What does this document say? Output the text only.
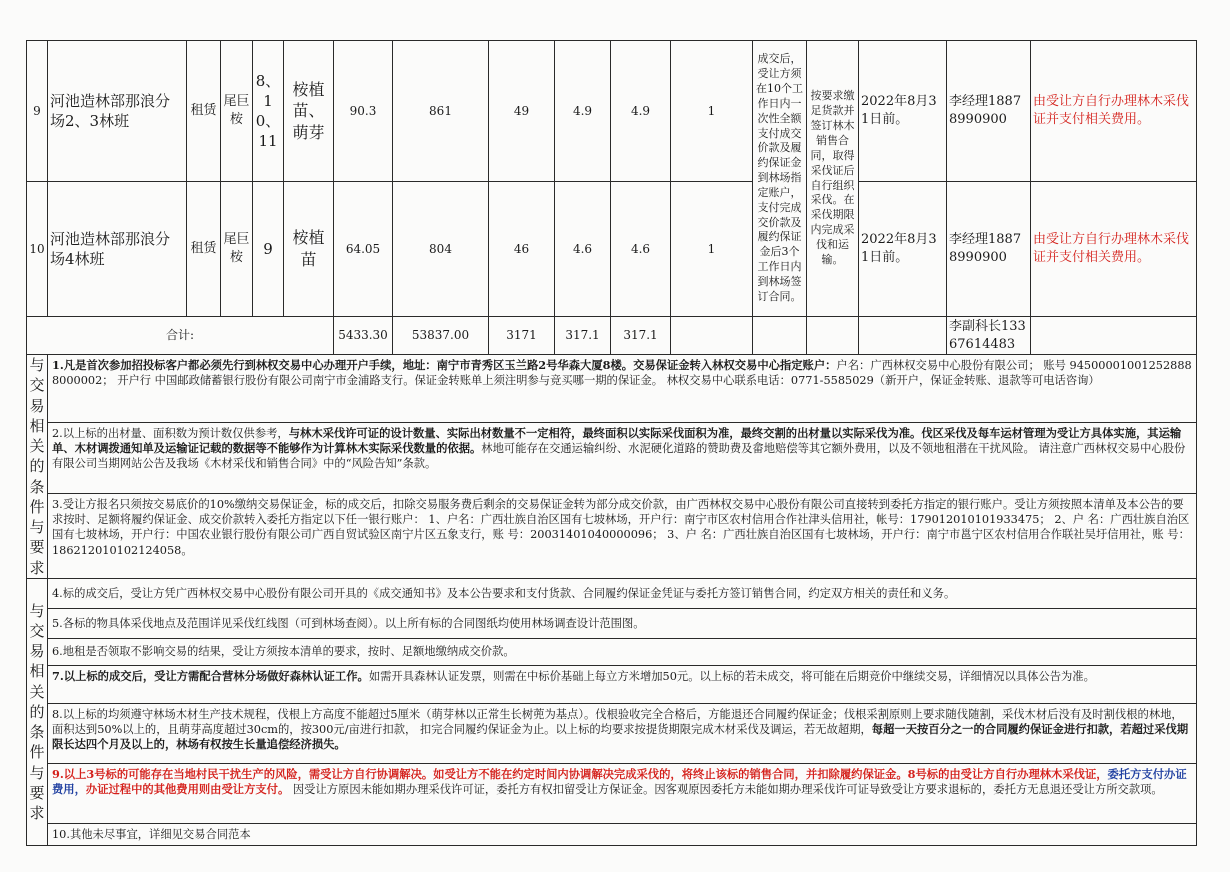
9	河池造林部那浪分场2、3林班	租赁	尾巨桉	8、10、11	桉植苗、萌芽	90.3	861	49	4.9	4.9	1	成交后，受让方须在10个工作日内一次性全额支付成交价款及履约保证金到林场指定账户，支付完成交价款及履约保证金后3个工作日内到林场签订合同。	按要求缴足货款并签订林木销售合同，取得采伐证后自行组织采伐。在采伐期限内完成采伐和运输。	2022年8月31日前。	李经理18878990900	由受让方自行办理林木采伐证并支付相关费用。
10	河池造林部那浪分场4林班	租赁	尾巨桉	9	桉植苗	64.05	804	46	4.6	4.6	1			2022年8月31日前。	李经理18878990900	由受让方自行办理林木采伐证并支付相关费用。
合计:						5433.30	53837.00	3171	317.1	317.1					李副科长13367614483	
与交易相关的条件与要求	1.凡是首次参加招投标客户都必须先行到林权交易中心办理开户手续，地址：南宁市青秀区玉兰路2号华森大厦8楼。交易保证金转入林权交易中心指定账户：户名：广西林权交易中心股份有限公司； 账号 945000010012528888000002； 开户行 中国邮政储蓄银行股份有限公司南宁市金浦路支行。保证金转账单上须注明参与竞买哪一期的保证金。 林权交易中心联系电话：0771-5585029（新开户，保证金转账、退款等可电话咨询）															
	2.以上标的出材量、面积数为预计数仅供参考，与林木采伐许可证的设计数量、实际出材数量不一定相符，最终面积以实际采伐面积为准，最终交割的出材量以实际采伐为准。伐区采伐及每车运材管理为受让方具体实施，其运输单、木材调拨通知单及运输证记载的数据等不能够作为计算林木实际采伐数量的依据。林地可能存在交通运输纠纷、水泥硬化道路的赞助费及畲地赔偿等其它额外费用，以及不领地租潜在干扰风险。 请注意广西林权交易中心股份有限公司当期网站公告及我场《木材采伐和销售合同》中的“风险告知”条款。															
	3.受让方报名只须按交易底价的10%缴纳交易保证金，标的成交后，扣除交易服务费后剩余的交易保证金转为部分成交价款，由广西林权交易中心股份有限公司直接转到委托方指定的银行账户。受让方须按照本清单及本公告的要求按时、足额将履约保证金、成交价款转入委托方指定以下任一银行账户： 1、户名：广西壮族自治区国有七坡林场，开户行：南宁市区农村信用合作社津头信用社，帐号：17901201010193347​5； 2、户 名：广西壮族自治区国有七坡林场，开户行：中国农业银行股份有限公司广西自贸试验区南宁片区五象支行，账 号：20031401040000096； 3、户 名：广西壮族自治区国有七坡林场，开户行：南宁市邕宁区农村信用合作联社吴圩信用社，账 号：186212010102124058。															
与交易相关的条件与要求	4.标的成交后，受让方凭广西林权交易中心股份有限公司开具的《成交通知书》及本公告要求和支付货款、合同履约保证金凭证与委托方签订销售合同，约定双方相关的责任和义务。															
	5.各标的物具体采伐地点及范围详见采伐红线图（可到林场查阅）。以上所有标的合同图纸均使用林场调查设计范围图。															
	6.地租是否领取不影响交易的结果，受让方须按本清单的要求，按时、足额地缴纳成交价款。															
	7.以上标的成交后，受让方需配合营林分场做好森林认证工作。如需开具森林认证发票，则需在中标价基础上每立方米增加50元。以上标的若未成交，将可能在后期竞价中继续交易，详细情况以具体公告为准。															
	8.以上标的均须遵守林场木材生产技术规程，伐根上方高度不能超过5厘米（萌芽林以正常生长树蔸为基点）。伐根验收完全合格后，方能退还合同履约保证金；伐根采割原则上要求随伐随割，采伐木材后没有及时割伐根的林地，面积达到50%以上的，且萌芽高度超过30cm的，按300元/亩进行扣款， 扣完合同履约保证金为止。以上标的均要求按提货期限完成木材采伐及调运，若无故超期，每超一天按百分之一的合同履约保证金进行扣款，若超过采伐期限长达四个月及以上的，林场有权按生长量追偿经济损失。															
	9.以上3号标的可能存在当地村民干扰生产的风险，需受让方自行协调解决。如受让方不能在约定时间内协调解决完成采伐的，将终止该标的销售合同，并扣除履约保证金。8号标的由受让方自行办理林木采伐证，委托方支付办证费用，办证过程中的其他费用则由受让方支付。 因受让方原因未能如期办理采伐许可证，委托方有权扣留受让方保证金。因客观原因委托方未能如期办理采伐许可证导致受让方要求退标的，委托方无息退还受让方所交款项。															
	10.其他未尽事宜，详细见交易合同范本															
